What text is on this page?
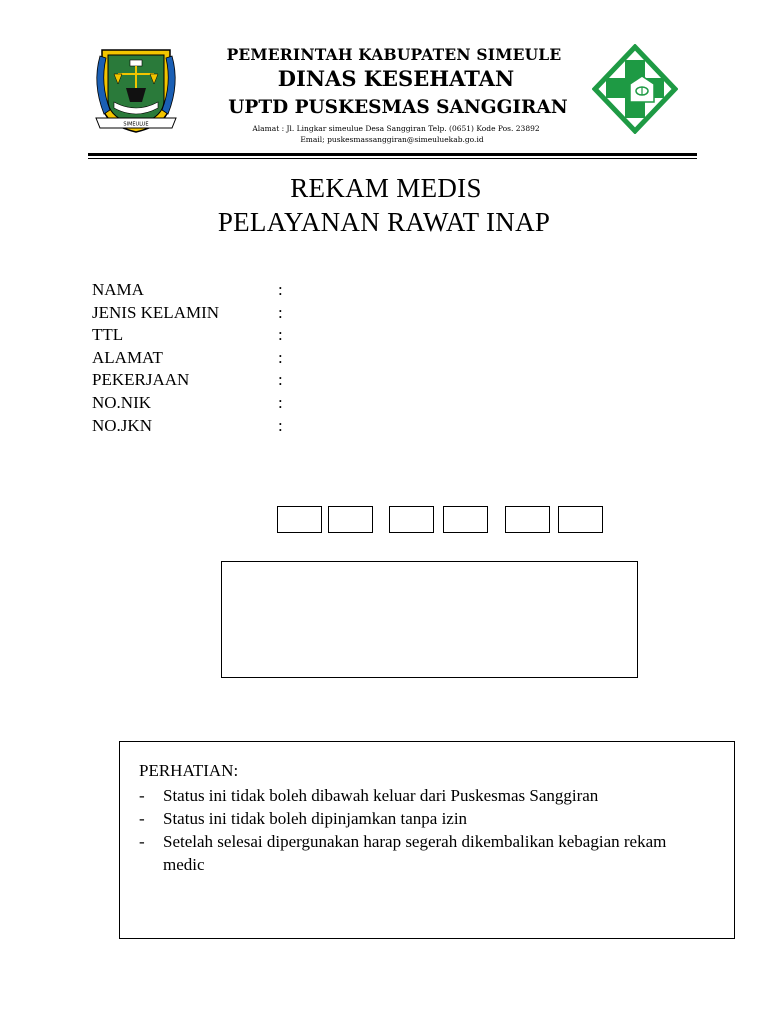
SIMEULUE
PEMERINTAH KABUPATEN SIMEULE
DINAS KESEHATAN
UPTD PUSKESMAS SANGGIRAN
Alamat : Jl. Lingkar simeulue Desa Sanggiran Telp. (0651) Kode Pos. 23892
Email; puskesmassanggiran@simeuluekab.go.id
REKAM MEDIS
PELAYANAN RAWAT INAP
NAMA	:
JENIS KELAMIN	:
TTL	:
ALAMAT	:
PEKERJAAN	:
NO.NIK	:
NO.JKN	:
PERHATIAN:
- Status ini tidak boleh dibawah keluar dari Puskesmas Sanggiran
- Status ini tidak boleh dipinjamkan tanpa izin
- Setelah selesai dipergunakan harap segerah dikembalikan kebagian rekam medic
